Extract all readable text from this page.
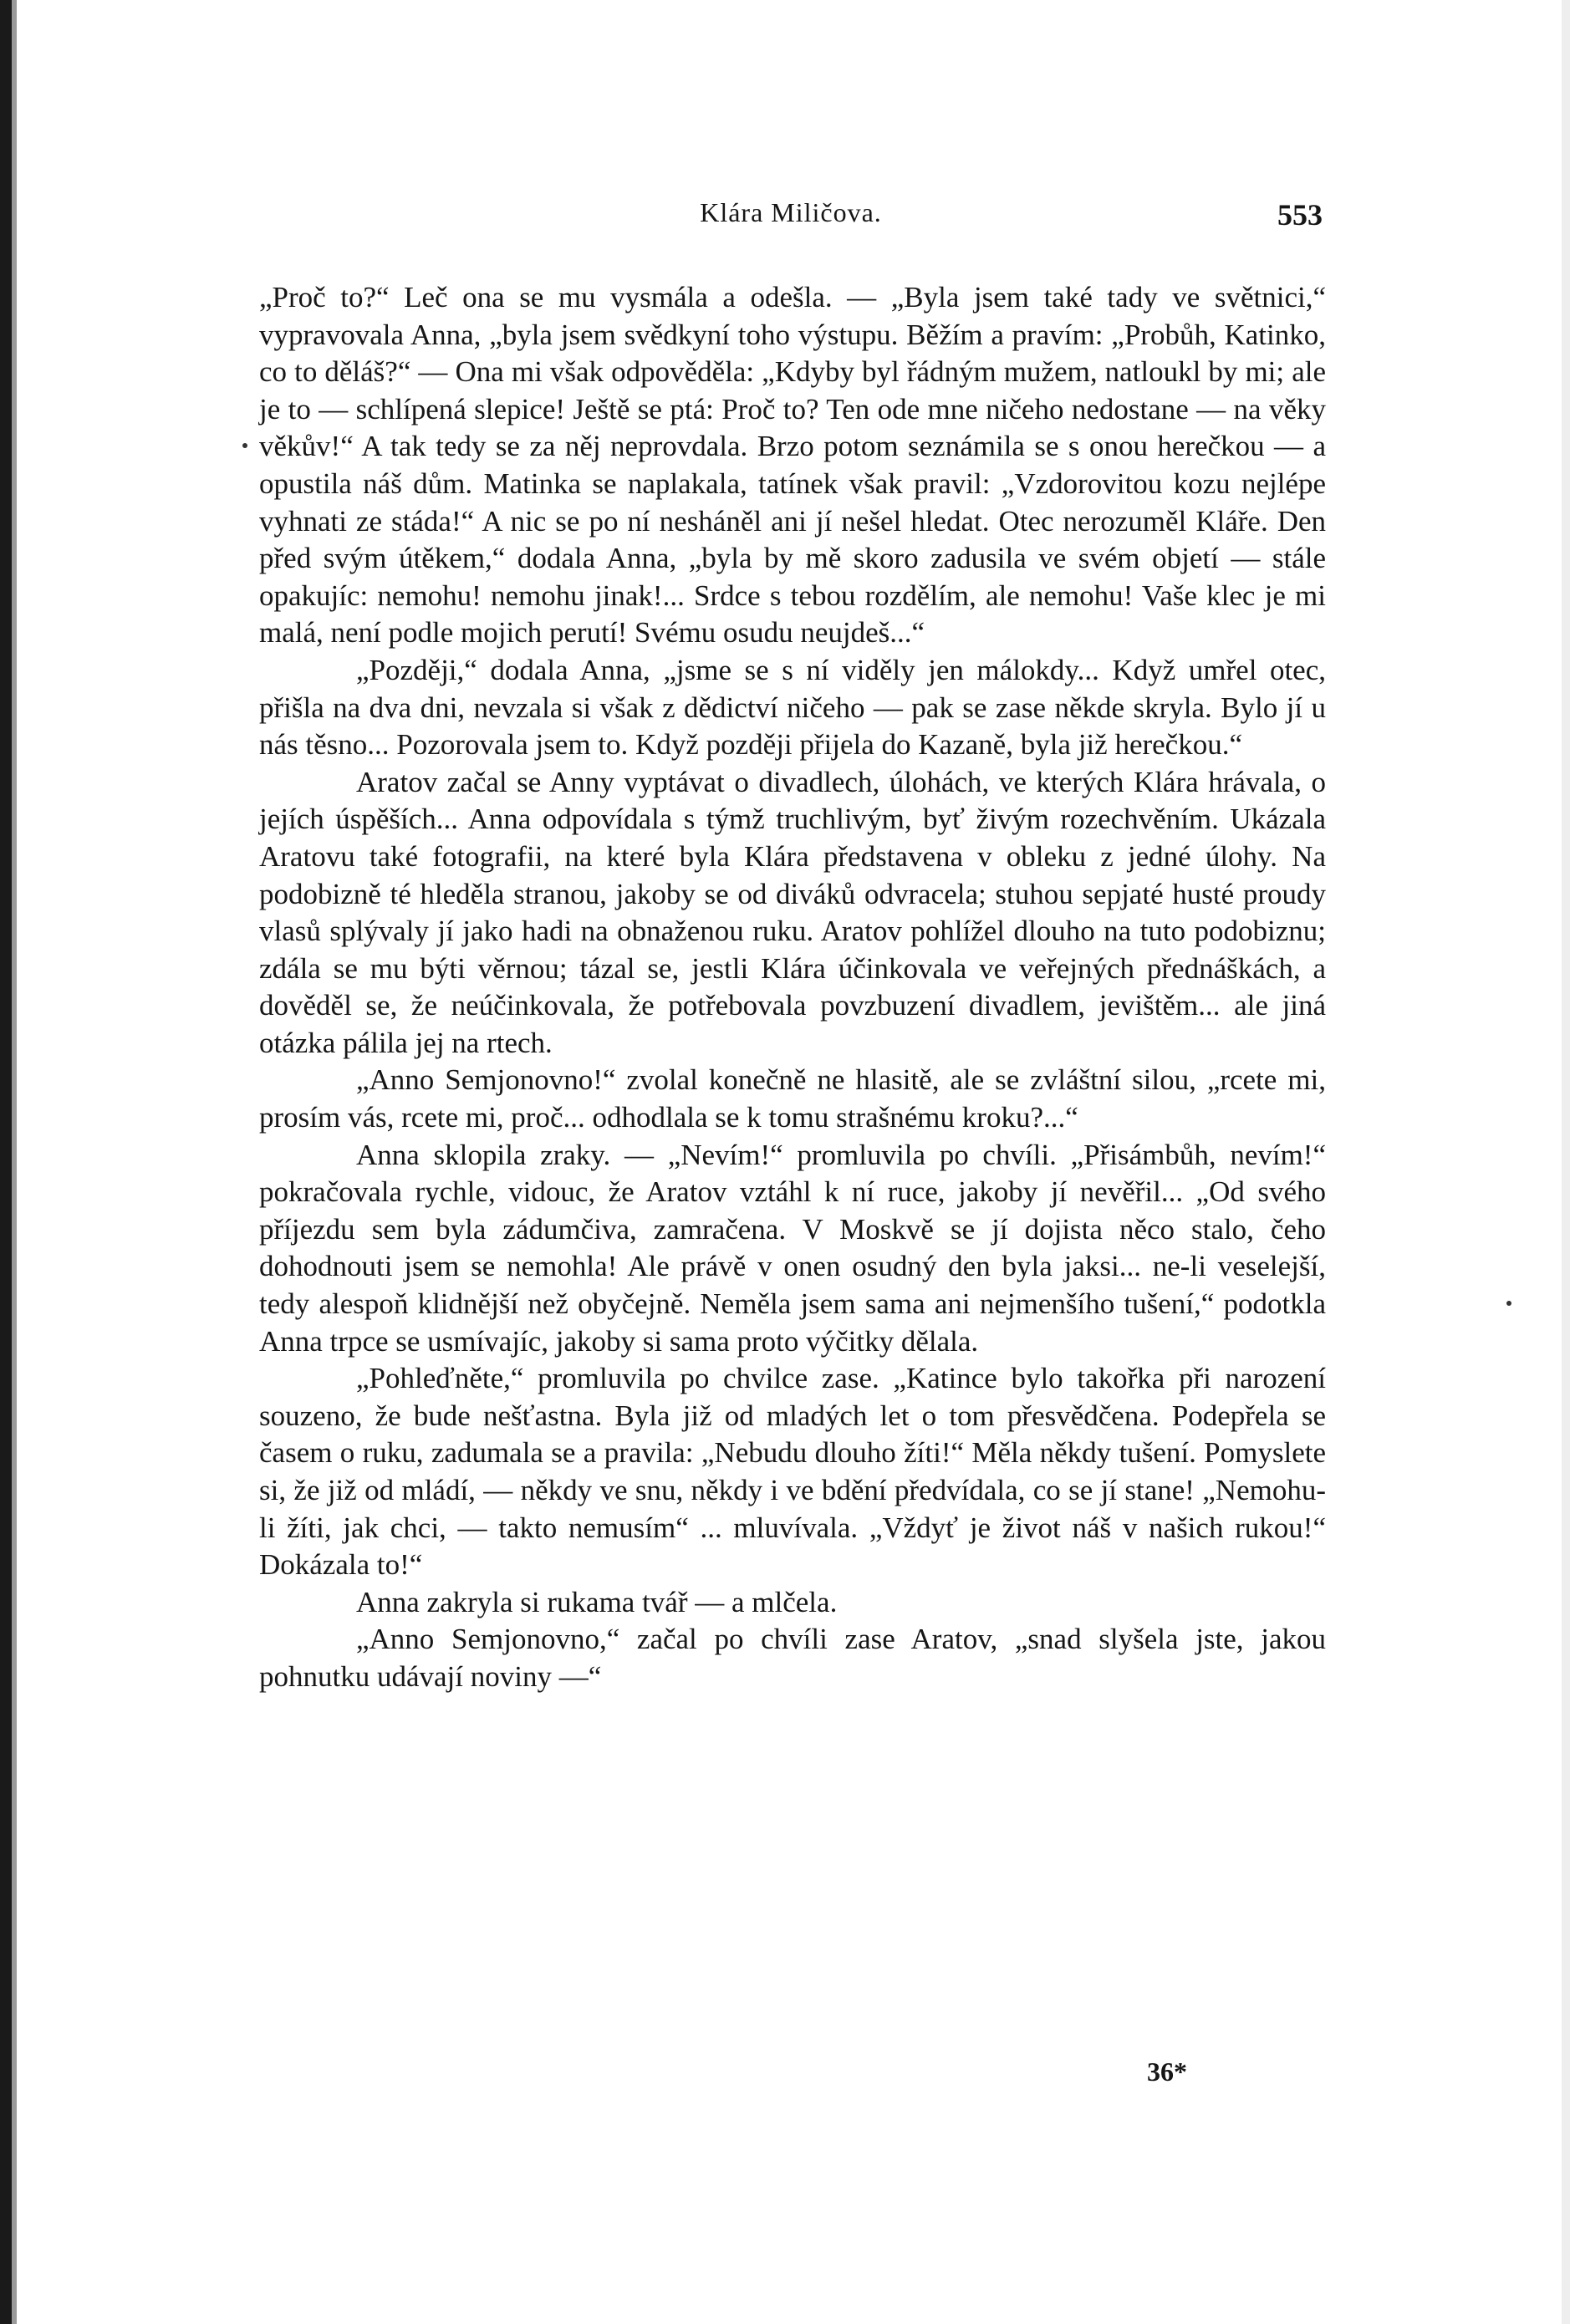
Klára Miličova.	553

„Proč to?“ Leč ona se mu vysmála a odešla. — „Byla jsem také tady ve světnici,“ vypravovala Anna, „byla jsem svědkyní toho výstupu. Běžím a pravím: „Probůh, Katinko, co to děláš?“ — Ona mi však odpověděla: „Kdyby byl řádným mužem, natloukl by mi; ale je to — schlípená slepice! Ještě se ptá: Proč to? Ten ode mne ničeho nedostane — na věky věkův!“ A tak tedy se za něj neprovdala. Brzo potom seznámila se s onou herečkou — a opustila náš dům. Matinka se naplakala, tatínek však pravil: „Vzdorovitou kozu nejlépe vyhnati ze stáda!“ A nic se po ní nesháněl ani jí nešel hledat. Otec nerozuměl Kláře. Den před svým útěkem,“ dodala Anna, „byla by mě skoro zadusila ve svém objetí — stále opakujíc: nemohu! nemohu jinak!... Srdce s tebou rozdělím, ale nemohu! Vaše klec je mi malá, není podle mojich perutí! Svému osudu neujdeš...“

„Později,“ dodala Anna, „jsme se s ní viděly jen málokdy... Když umřel otec, přišla na dva dni, nevzala si však z dědictví ničeho — pak se zase někde skryla. Bylo jí u nás těsno... Pozorovala jsem to. Když později přijela do Kazaně, byla již herečkou.“

Aratov začal se Anny vyptávat o divadlech, úlohách, ve kterých Klára hrávala, o jejích úspěších... Anna odpovídala s týmž truchlivým, byť živým rozechvěním. Ukázala Aratovu také fotografii, na které byla Klára představena v obleku z jedné úlohy. Na podobizně té hleděla stranou, jakoby se od diváků odvracela; stuhou sepjaté husté proudy vlasů splývaly jí jako hadi na obnaženou ruku. Aratov pohlížel dlouho na tuto podobiznu; zdála se mu býti věrnou; tázal se, jestli Klára účinkovala ve veřejných přednáškách, a dověděl se, že neúčinkovala, že potřebovala povzbuzení divadlem, jevištěm... ale jiná otázka pálila jej na rtech.

„Anno Semjonovno!“ zvolal konečně ne hlasitě, ale se zvláštní silou, „rcete mi, prosím vás, rcete mi, proč... odhodlala se k tomu strašnému kroku?...“

Anna sklopila zraky. — „Nevím!“ promluvila po chvíli. „Přisámbůh, nevím!“ pokračovala rychle, vidouc, že Aratov vztáhl k ní ruce, jakoby jí nevěřil... „Od svého příjezdu sem byla zádumčiva, zamračena. V Moskvě se jí dojista něco stalo, čeho dohodnouti jsem se nemohla! Ale právě v onen osudný den byla jaksi... ne-li veselejší, tedy alespoň klidnější než obyčejně. Neměla jsem sama ani nejmenšího tušení,“ podotkla Anna trpce se usmívajíc, jakoby si sama proto výčitky dělala.

„Pohleďněte,“ promluvila po chvilce zase. „Katince bylo takořka při narození souzeno, že bude nešťastna. Byla již od mladých let o tom přesvědčena. Podepřela se časem o ruku, zadumala se a pravila: „Nebudu dlouho žíti!“ Měla někdy tušení. Pomyslete si, že již od mládí, — někdy ve snu, někdy i ve bdění předvídala, co se jí stane! „Nemohu-li žíti, jak chci, — takto nemusím“ ... mluvívala. „Vždyť je život náš v našich rukou!“ Dokázala to!“

Anna zakryla si rukama tvář — a mlčela.

„Anno Semjonovno,“ začal po chvíli zase Aratov, „snad slyšela jste, jakou pohnutku udávají noviny —“

36*
